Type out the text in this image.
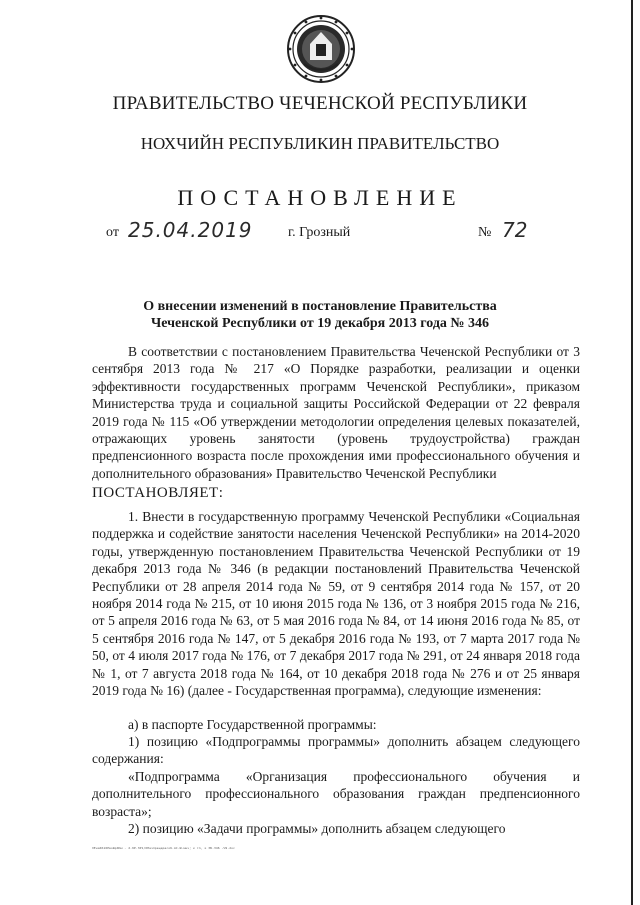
ПРАВИТЕЛЬСТВО ЧЕЧЕНСКОЙ РЕСПУБЛИКИ
НОХЧИЙН РЕСПУБЛИКИН ПРАВИТЕЛЬСТВО
ПОСТАНОВЛЕНИЕ
от 25.04.2019	г. Грозный	№ 72
О внесении изменений в постановление Правительства
Чеченской Республики от 19 декабря 2013 года № 346

В соответствии с постановлением Правительства Чеченской Республики от 3 сентября 2013 года № 217 «О Порядке разработки, реализации и оценки эффективности государственных программ Чеченской Республики», приказом Министерства труда и социальной защиты Российской Федерации от 22 февраля 2019 года № 115 «Об утверждении методологии определения целевых показателей, отражающих уровень занятости (уровень трудоустройства) граждан предпенсионного возраста после прохождения ими профессионального обучения и дополнительного образования» Правительство Чеченской Республики

ПОСТАНОВЛЯЕТ:

1. Внести в государственную программу Чеченской Республики «Социальная поддержка и содействие занятости населения Чеченской Республики» на 2014-2020 годы, утвержденную постановлением Правительства Чеченской Республики от 19 декабря 2013 года № 346 (в редакции постановлений Правительства Чеченской Республики от 28 апреля 2014 года № 59, от 9 сентября 2014 года № 157, от 20 ноября 2014 года № 215, от 10 июня 2015 года № 136, от 3 ноября 2015 года № 216, от 5 апреля 2016 года № 63, от 5 мая 2016 года № 84, от 14 июня 2016 года № 85, от 5 сентября 2016 года № 147, от 5 декабря 2016 года № 193, от 7 марта 2017 года № 50, от 4 июля 2017 года № 176, от 7 декабря 2017 года № 291, от 24 января 2018 года № 1, от 7 августа 2018 года № 164, от 10 декабря 2018 года № 276 и от 25 января 2019 года № 16) (далее - Государственная программа), следующие изменения:

а) в паспорте Государственной программы:

1) позицию «Подпрограммы программы» дополнить абзацем следующего содержания:

«Подпрограмма «Организация профессионального обучения и дополнительного профессионального образования граждан предпенсионного возраста»;

2) позицию «Задачи программы» дополнить абзацем следующего

ХЕнаРА16РвоФрЯпм - 2.9Р.ЗР1/ОНачпрецерасо6.АС.Ш.мнч; к гл, к 3Б.346 -Ч9.doc
